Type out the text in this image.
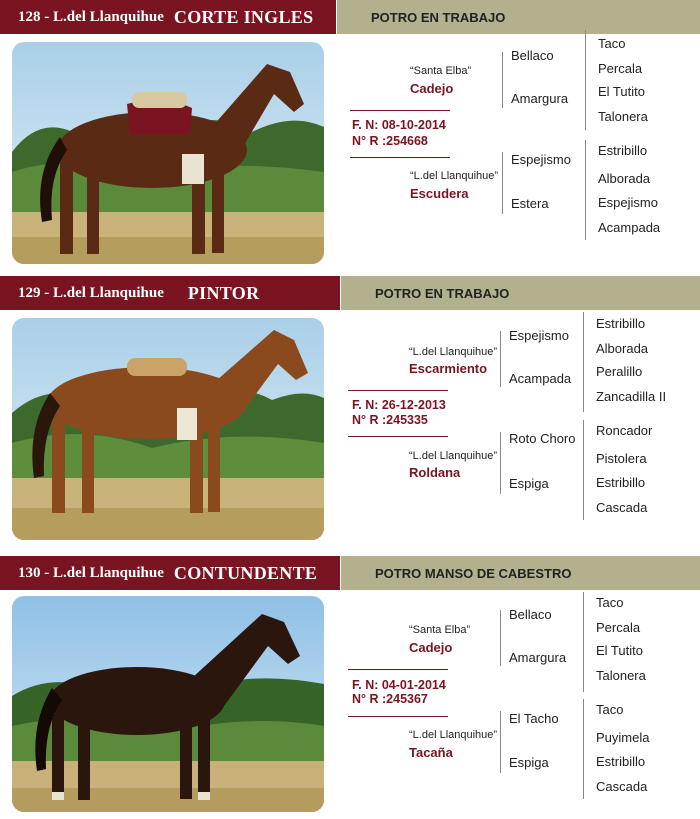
128 - L.del Llanquihue CORTE INGLES	POTRO EN TRABAJO
“Santa Elba”
Cadejo
F. N: 08-10-2014
N° R :254668
“L.del Llanquihue”
Escudera
Bellaco
Amargura
Espejismo
Estera
Taco
Percala
El Tutito
Talonera
Estribillo
Alborada
Espejismo
Acampada
129 - L.del Llanquihue PINTOR	POTRO EN TRABAJO
“L.del Llanquihue”
Escarmiento
F. N: 26-12-2013
N° R :245335
“L.del Llanquihue”
Roldana
Espejismo
Acampada
Roto Choro
Espiga
Estribillo
Alborada
Peralillo
Zancadilla II
Roncador
Pistolera
Estribillo
Cascada
130 - L.del Llanquihue CONTUNDENTE	POTRO MANSO DE CABESTRO
“Santa Elba”
Cadejo
F. N: 04-01-2014
N° R :245367
“L.del Llanquihue”
Tacaña
Bellaco
Amargura
El Tacho
Espiga
Taco
Percala
El Tutito
Talonera
Taco
Puyimela
Estribillo
Cascada
